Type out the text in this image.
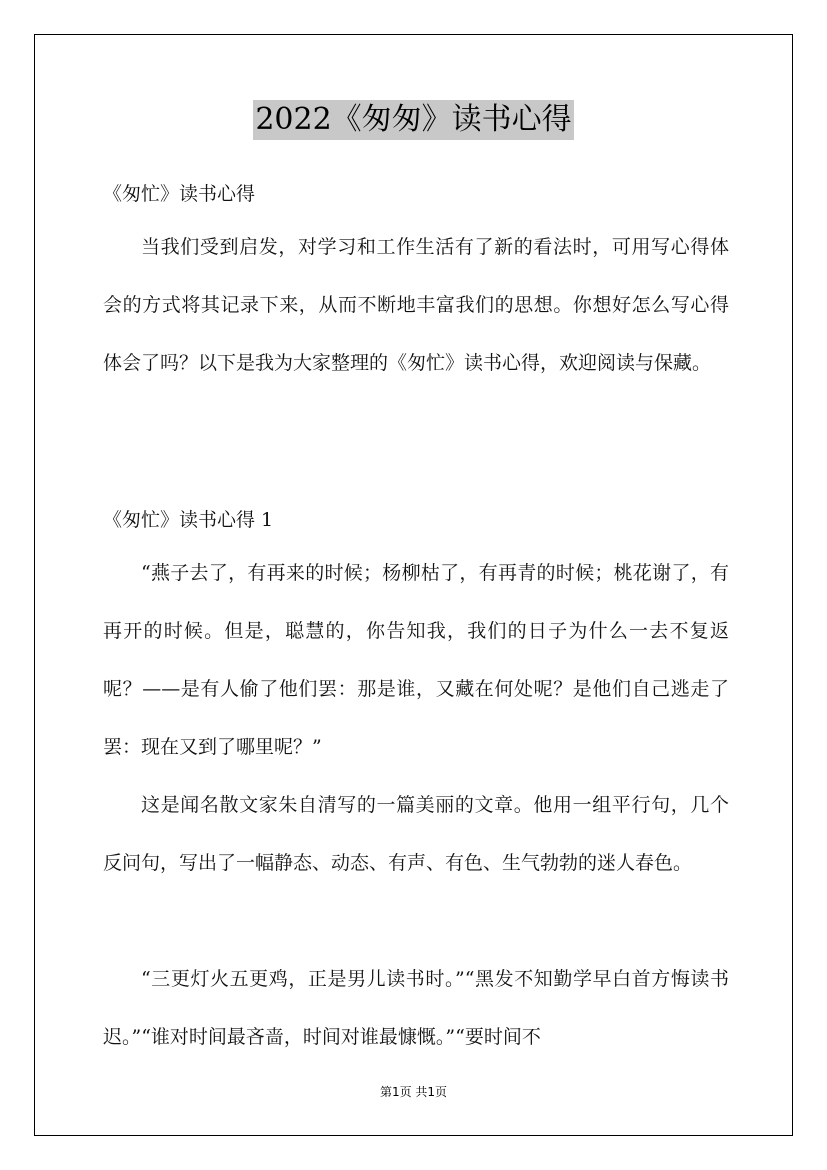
2022《匆匆》读书心得
《匆忙》读书心得

当我们受到启发，对学习和工作生活有了新的看法时，可用写心得体会的方式将其记录下来，从而不断地丰富我们的思想。你想好怎么写心得体会了吗？以下是我为大家整理的《匆忙》读书心得，欢迎阅读与保藏。

《匆忙》读书心得 1

“燕子去了，有再来的时候；杨柳枯了，有再青的时候；桃花谢了，有再开的时候。但是，聪慧的，你告知我，我们的日子为什么一去不复返呢？——是有人偷了他们罢：那是谁，又藏在何处呢？是他们自己逃走了罢：现在又到了哪里呢？”

这是闻名散文家朱自清写的一篇美丽的文章。他用一组平行句，几个反问句，写出了一幅静态、动态、有声、有色、生气勃勃的迷人春色。

“三更灯火五更鸡，正是男儿读书时。”“黑发不知勤学早白首方悔读书迟。”“谁对时间最吝啬，时间对谁最慷慨。”“要时间不

第1页 共1页
